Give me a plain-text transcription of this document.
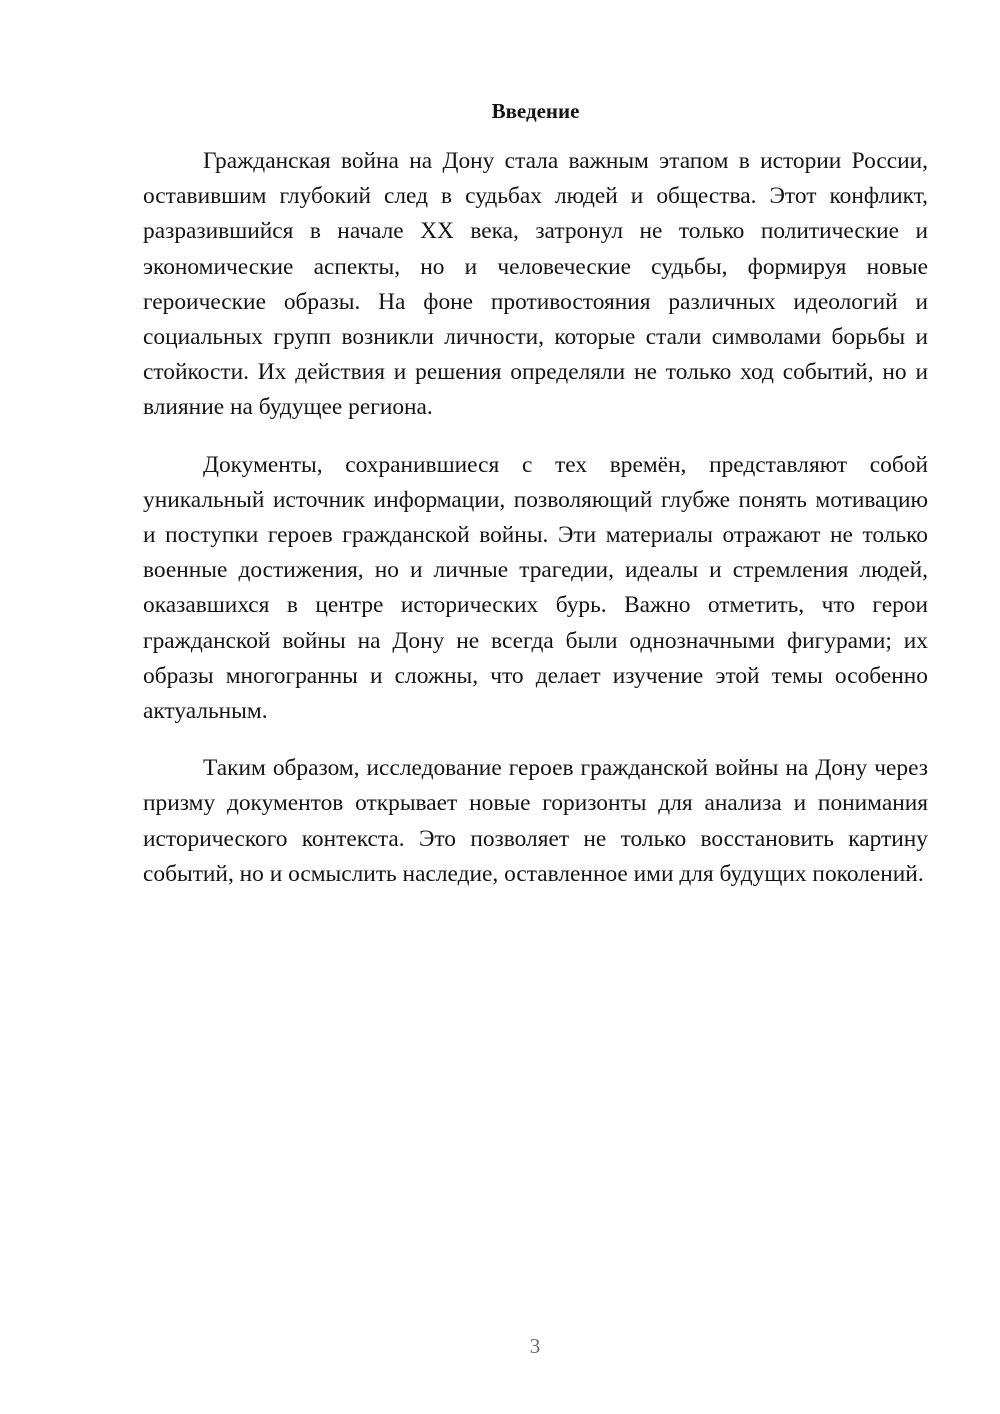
Введение

Гражданская война на Дону стала важным этапом в истории России, оставившим глубокий след в судьбах людей и общества. Этот конфликт, разразившийся в начале XX века, затронул не только политические и экономические аспекты, но и человеческие судьбы, формируя новые героические образы. На фоне противостояния различных идеологий и социальных групп возникли личности, которые стали символами борьбы и стойкости. Их действия и решения определяли не только ход событий, но и влияние на будущее региона.

Документы, сохранившиеся с тех времён, представляют собой уникальный источник информации, позволяющий глубже понять мотивацию и поступки героев гражданской войны. Эти материалы отражают не только военные достижения, но и личные трагедии, идеалы и стремления людей, оказавшихся в центре исторических бурь. Важно отметить, что герои гражданской войны на Дону не всегда были однозначными фигурами; их образы многогранны и сложны, что делает изучение этой темы особенно актуальным.

Таким образом, исследование героев гражданской войны на Дону через призму документов открывает новые горизонты для анализа и понимания исторического контекста. Это позволяет не только восстановить картину событий, но и осмыслить наследие, оставленное ими для будущих поколений.

3
